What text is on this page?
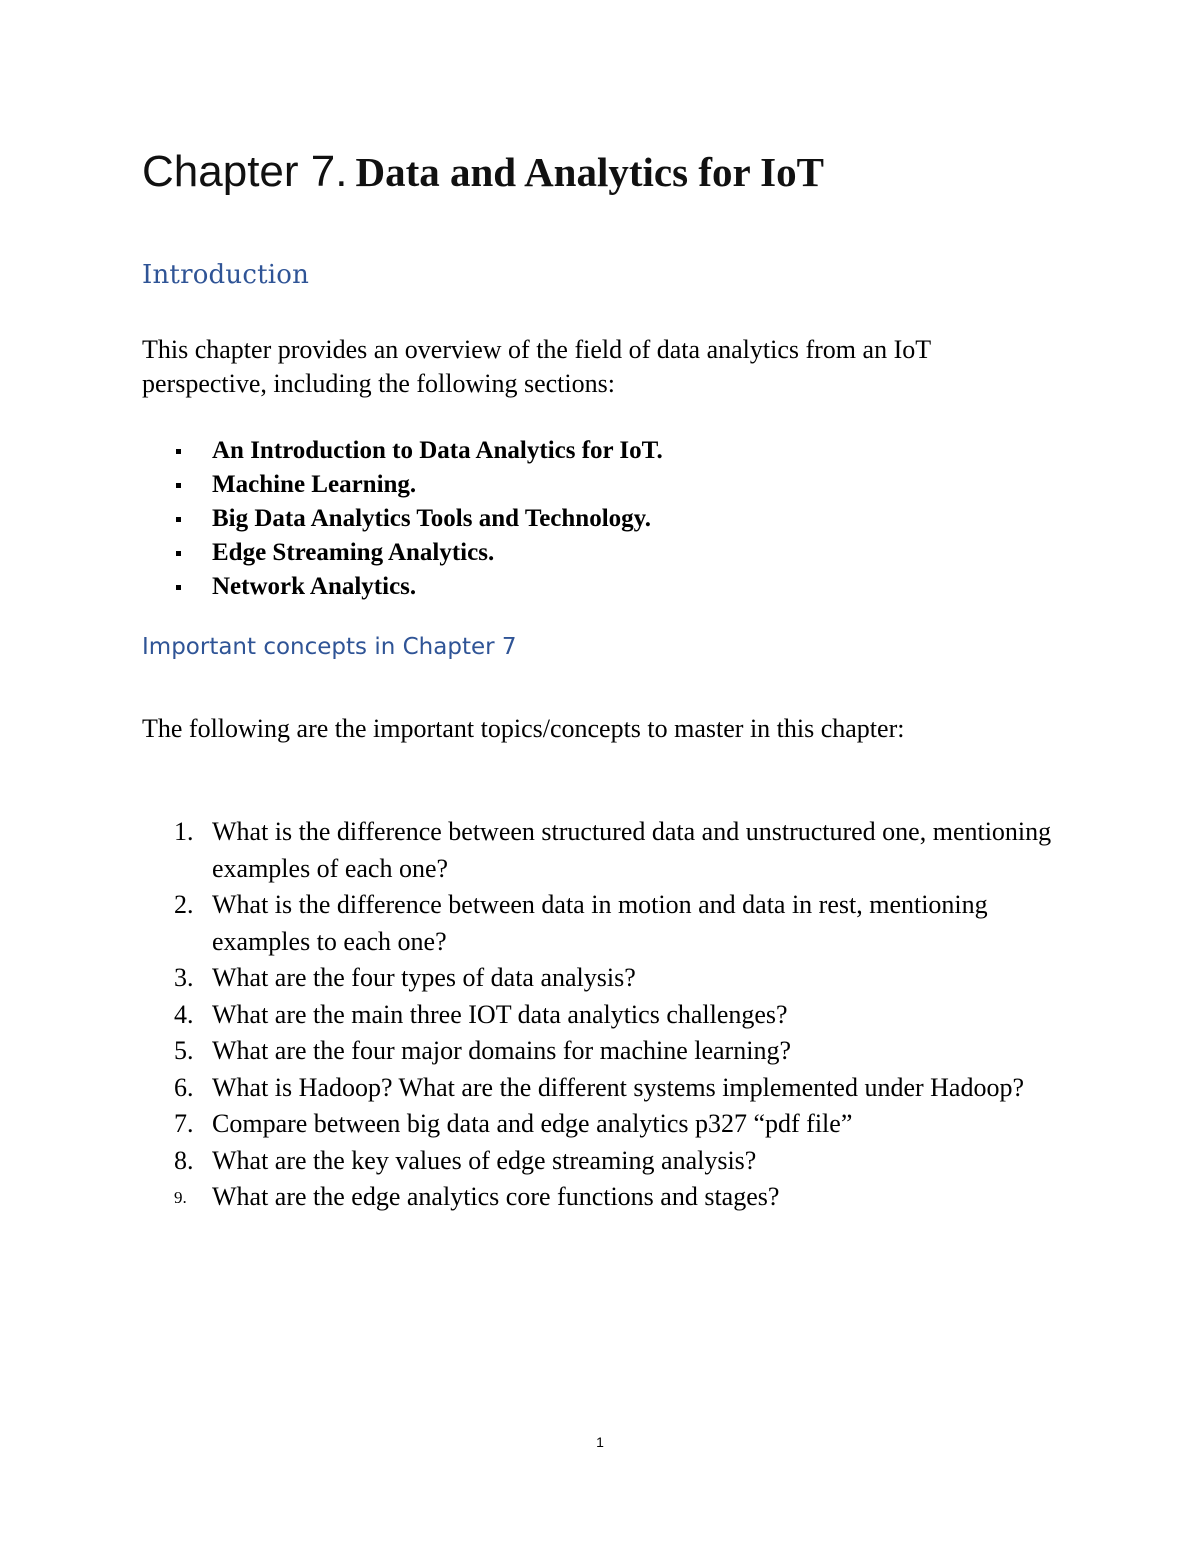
Chapter 7. Data and Analytics for IoT
Introduction

This chapter provides an overview of the field of data analytics from an IoT perspective, including the following sections:

An Introduction to Data Analytics for IoT.
Machine Learning.
Big Data Analytics Tools and Technology.
Edge Streaming Analytics.
Network Analytics.
Important concepts in Chapter 7

The following are the important topics/concepts to master in this chapter:

1. What is the difference between structured data and unstructured one, mentioning examples of each one?
2. What is the difference between data in motion and data in rest, mentioning examples to each one?
3. What are the four types of data analysis?
4. What are the main three IOT data analytics challenges?
5. What are the four major domains for machine learning?
6. What is Hadoop? What are the different systems implemented under Hadoop?
7. Compare between big data and edge analytics p327 “pdf file”
8. What are the key values of edge streaming analysis?
9. What are the edge analytics core functions and stages?

1
